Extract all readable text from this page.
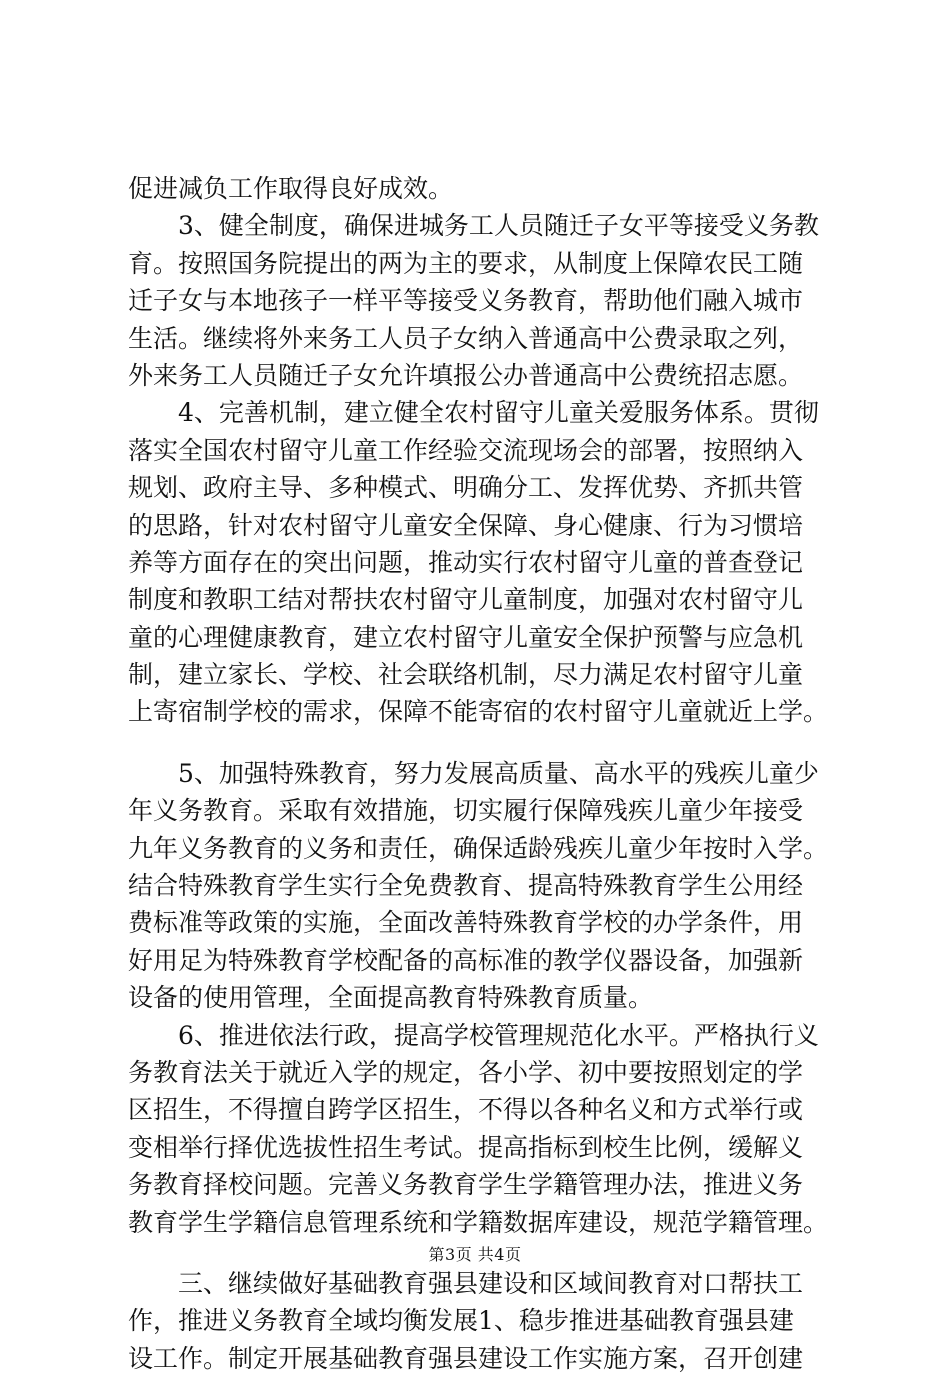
促进减负工作取得良好成效。
　　3、健全制度，确保进城务工人员随迁子女平等接受义务教
育。按照国务院提出的两为主的要求，从制度上保障农民工随
迁子女与本地孩子一样平等接受义务教育，帮助他们融入城市
生活。继续将外来务工人员子女纳入普通高中公费录取之列，
外来务工人员随迁子女允许填报公办普通高中公费统招志愿。
　　4、完善机制，建立健全农村留守儿童关爱服务体系。贯彻
落实全国农村留守儿童工作经验交流现场会的部署，按照纳入
规划、政府主导、多种模式、明确分工、发挥优势、齐抓共管
的思路，针对农村留守儿童安全保障、身心健康、行为习惯培
养等方面存在的突出问题，推动实行农村留守儿童的普查登记
制度和教职工结对帮扶农村留守儿童制度，加强对农村留守儿
童的心理健康教育，建立农村留守儿童安全保护预警与应急机
制，建立家长、学校、社会联络机制，尽力满足农村留守儿童
上寄宿制学校的需求，保障不能寄宿的农村留守儿童就近上学。
　　5、加强特殊教育，努力发展高质量、高水平的残疾儿童少
年义务教育。采取有效措施，切实履行保障残疾儿童少年接受
九年义务教育的义务和责任，确保适龄残疾儿童少年按时入学。
结合特殊教育学生实行全免费教育、提高特殊教育学生公用经
费标准等政策的实施，全面改善特殊教育学校的办学条件，用
好用足为特殊教育学校配备的高标准的教学仪器设备，加强新
设备的使用管理，全面提高教育特殊教育质量。
　　6、推进依法行政，提高学校管理规范化水平。严格执行义
务教育法关于就近入学的规定，各小学、初中要按照划定的学
区招生，不得擅自跨学区招生，不得以各种名义和方式举行或
变相举行择优选拔性招生考试。提高指标到校生比例，缓解义
务教育择校问题。完善义务教育学生学籍管理办法，推进义务
教育学生学籍信息管理系统和学籍数据库建设，规范学籍管理。
　　三、继续做好基础教育强县建设和区域间教育对口帮扶工
作，推进义务教育全域均衡发展1、稳步推进基础教育强县建
设工作。制定开展基础教育强县建设工作实施方案，召开创建
第3页 共4页
